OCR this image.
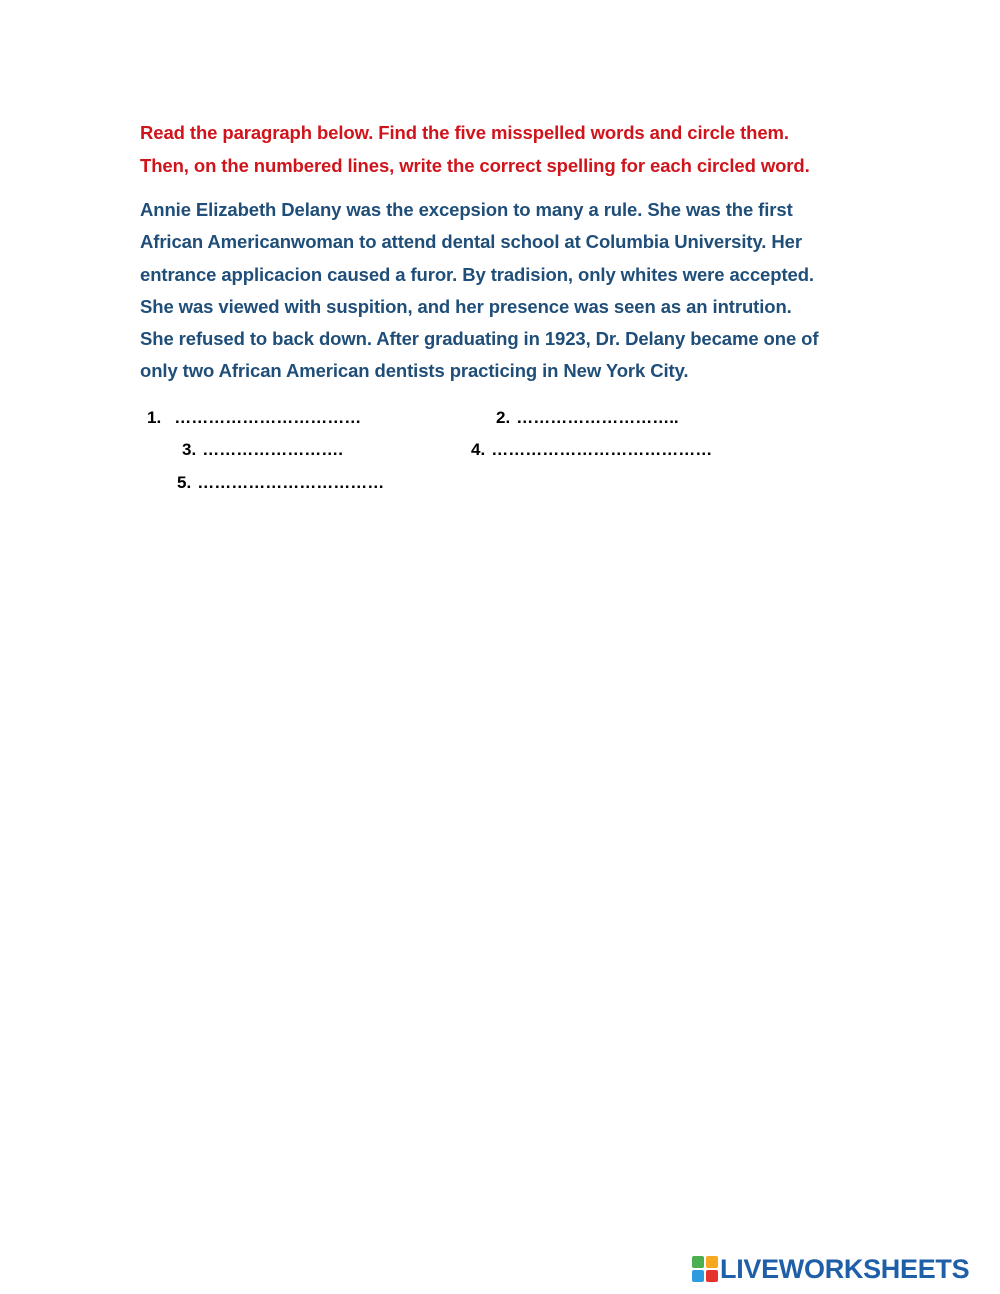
Read the paragraph below. Find the five misspelled words and circle them.
Then, on the numbered lines, write the correct spelling for each circled word.
Annie Elizabeth Delany was the excepsion to many a rule. She was the first
African Americanwoman to attend dental school at Columbia University. Her
entrance applicacion caused a furor. By tradision, only whites were accepted.
She was viewed with suspition, and her presence was seen as an intrution.
She refused to back down. After graduating in 1923, Dr. Delany became one of
only two African American dentists practicing in New York City.
1. ……………………………	2. ………………………..
3. …………………….	4. …………………………………
5. ……………………………
LIVEWORKSHEETS
